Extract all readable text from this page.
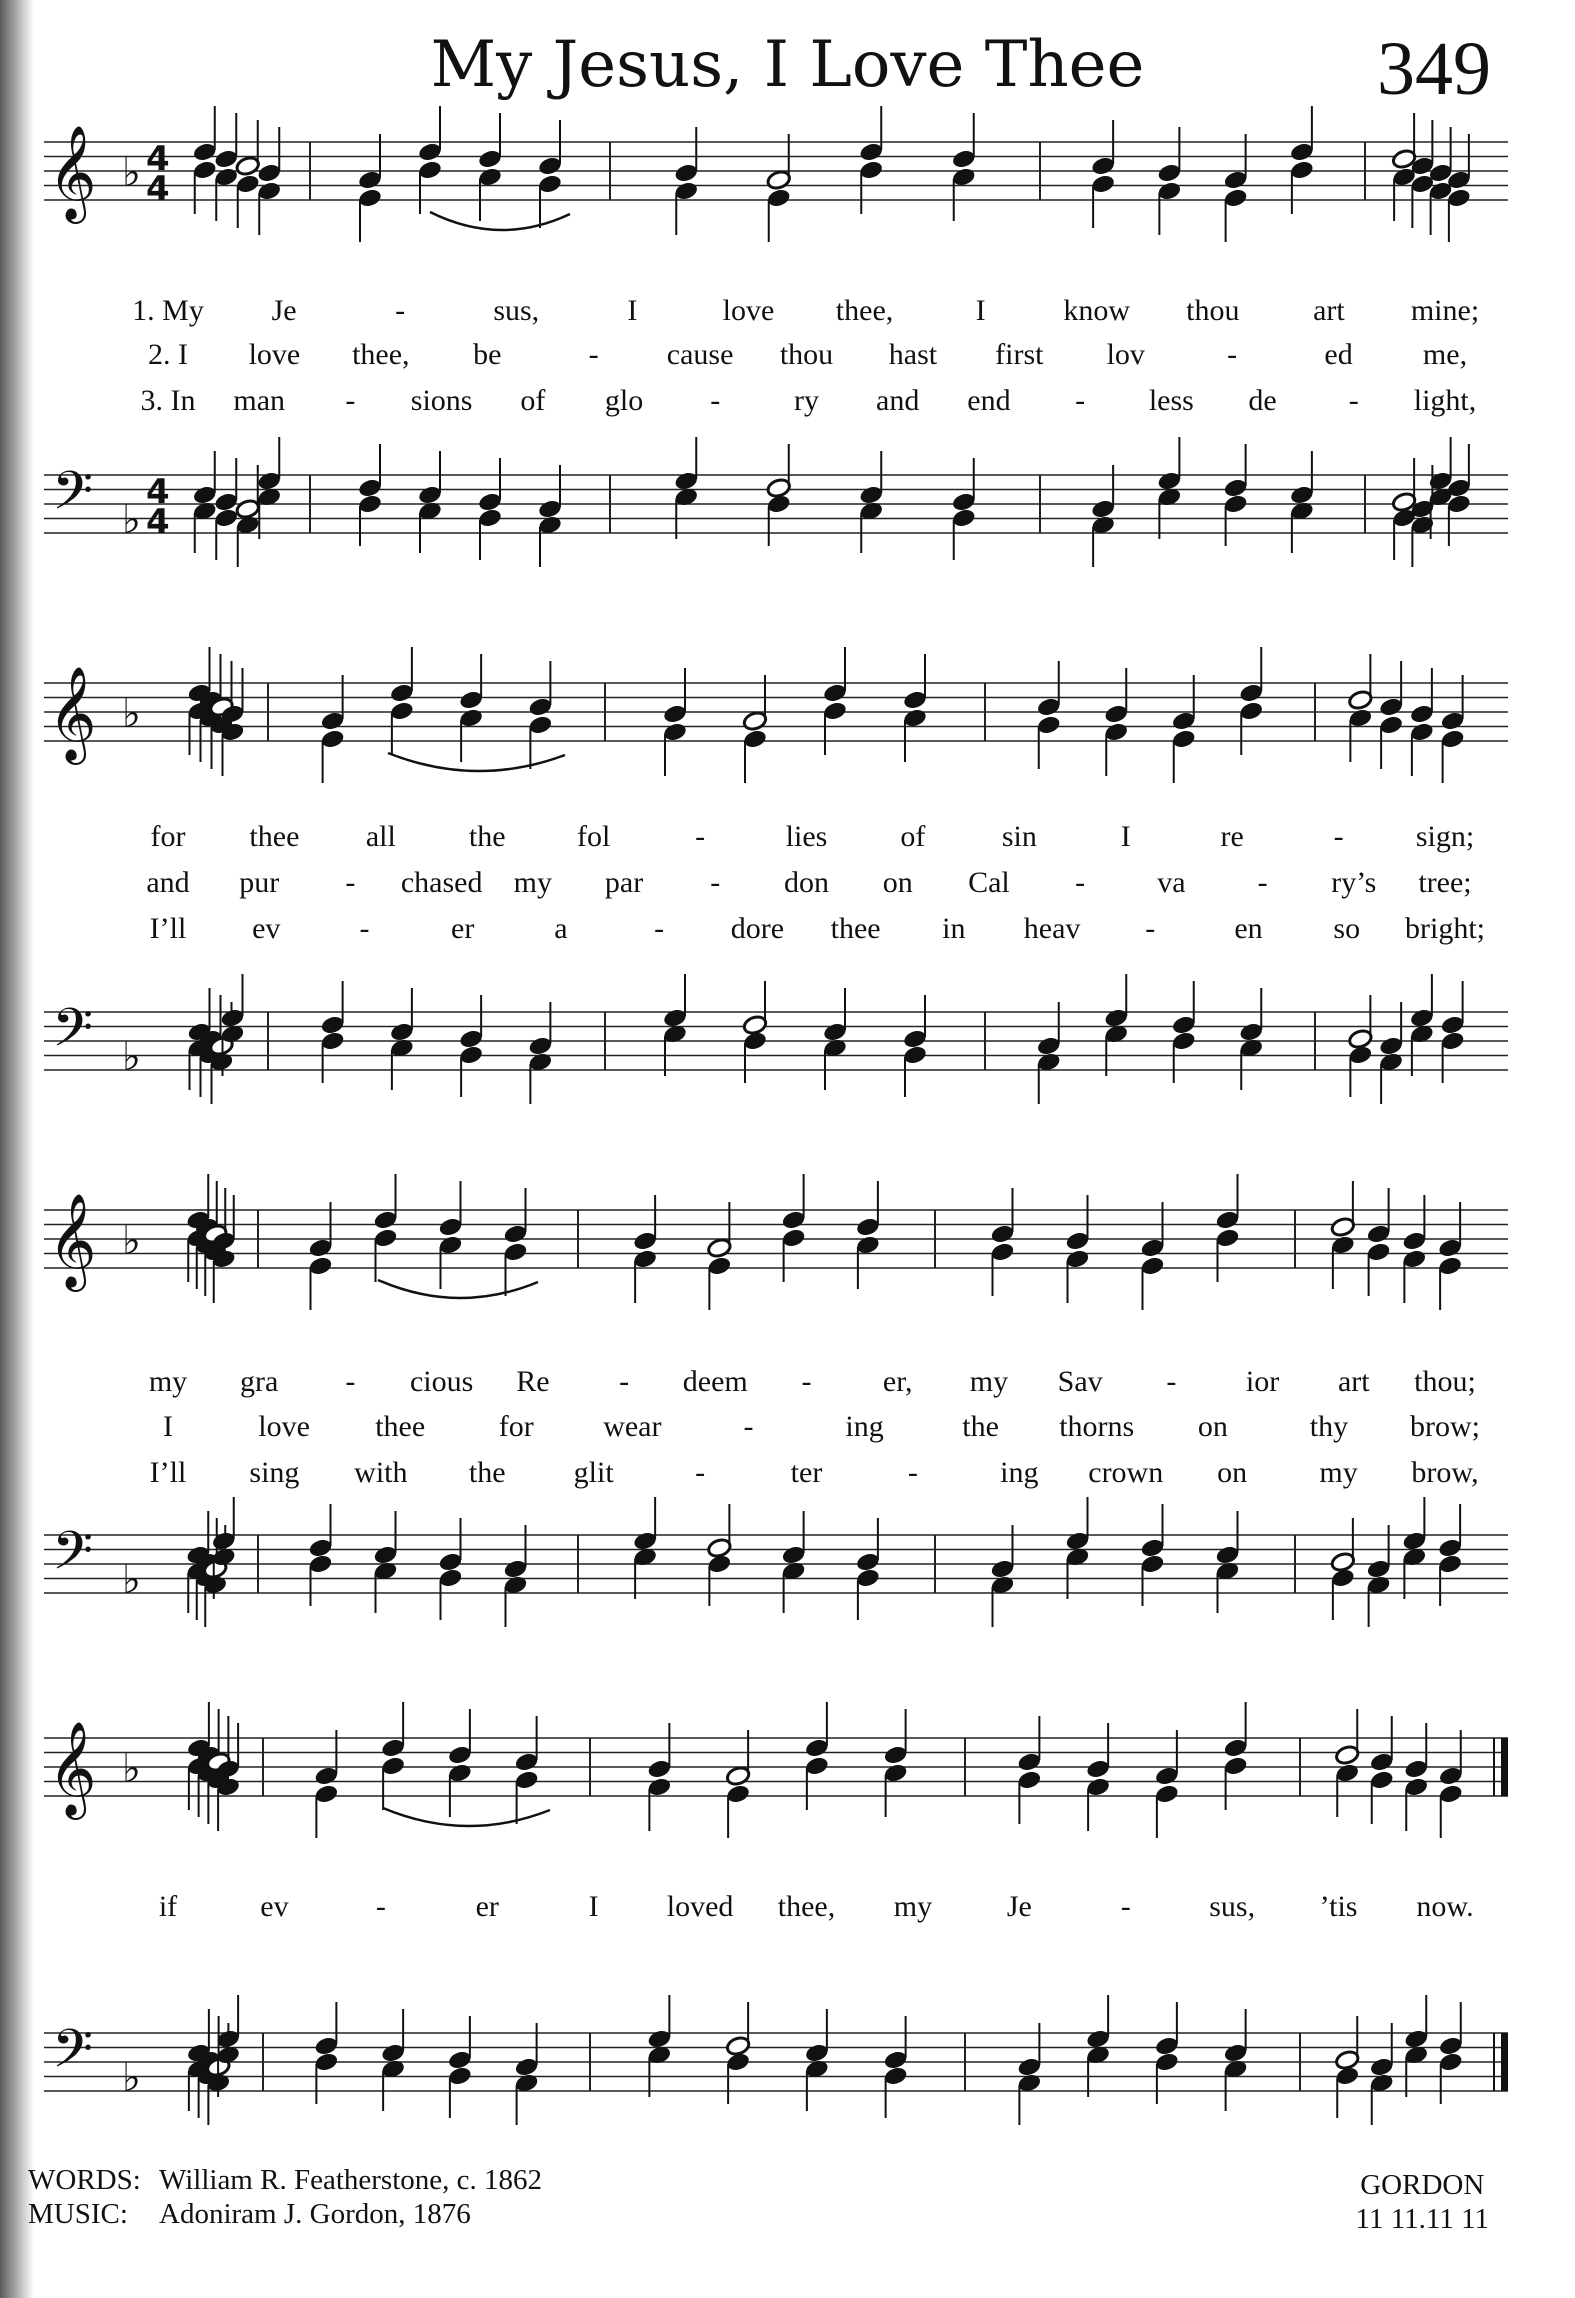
My Jesus, I Love Thee	349
𝄞
𝄢
♭
♭
4
4
4
4
1. My Je	-	sus,	I	love thee,	I	know thou art mine;
2. I love thee, be	- cause thou hast first lov	-	ed me,
3. In man - sions of glo - ry and end - less de - light,
𝄞
𝄢
♭
♭
for thee all the fol	-	lies of	sin	I	re	- sign;
and pur - chased my par - don on Cal - va - ry’s tree;
I’ll ev	-	er	a	- dore thee in heav -	en so bright;
𝄞
𝄢
♭
♭
my gra - cious Re - deem - er, my Sav - ior art thou;
I	love thee for wear	-	ing	the thorns on	thy brow;
I’ll sing with the glit	-	ter	-	ing crown on my brow,
𝄞
𝄢
♭
♭
if	ev	-	er	I loved thee, my Je	-	sus, ’tis now.
WORDS: William R. Featherstone, c. 1862
MUSIC: Adoniram J. Gordon, 1876
GORDON
11 11.11 11
